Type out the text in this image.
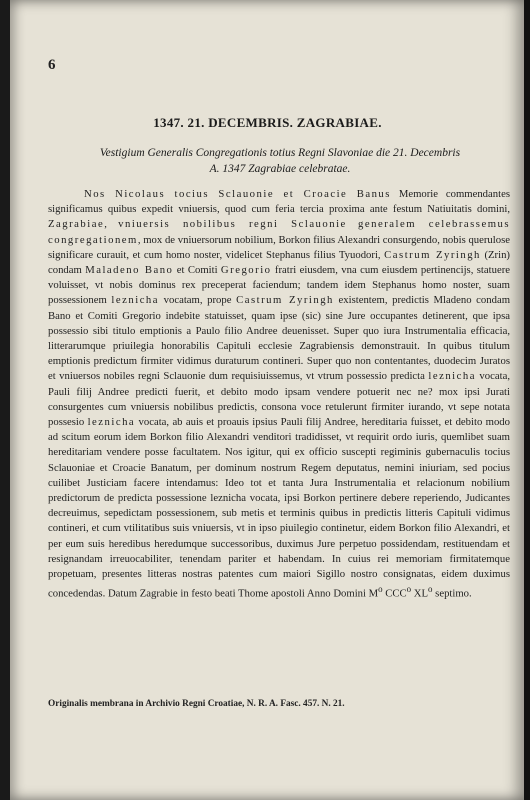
6
1347. 21. DECEMBRIS. ZAGRABIAE.
Vestigium Generalis Congregationis totius Regni Slavoniae die 21. Decembris
A. 1347 Zagrabiae celebratae.
Nos Nicolaus tocius Sclauonie et Croacie Banus Memorie commendantes significamus quibus expedit vniuersis, quod cum feria tercia proxima ante festum Natiuitatis domini, Zagrabiae, vniuersis nobilibus regni Sclauonie generalem celebrassemus congregationem, mox de vniuersorum nobilium, Borkon filius Alexandri consurgendo, nobis querulose significare curauit, et cum homo noster, videlicet Stephanus filius Tyuodori, Castrum Zyringh (Zrin) condam Maladeno Bano et Comiti Gregorio fratri eiusdem, vna cum eiusdem pertinencijs, statuere voluisset, vt nobis dominus rex preceperat faciendum; tandem idem Stephanus homo noster, suam possessionem leznicha vocatam, prope Castrum Zyringh existentem, predictis Mladeno condam Bano et Comiti Gregorio indebite statuisset, quam ipse (sic) sine Jure occupantes detinerent, que ipsa possessio sibi titulo emptionis a Paulo filio Andree deuenisset. Super quo iura Instrumentalia efficacia, litterarumque priuilegia honorabilis Capituli ecclesie Zagrabiensis demonstrauit. In quibus titulum emptionis predictum firmiter vidimus duraturum contineri. Super quo non contentantes, duodecim Juratos et vniuersos nobiles regni Sclauonie dum requisiuissemus, vt vtrum possessio predicta leznicha vocata, Pauli filij Andree predicti fuerit, et debito modo ipsam vendere potuerit nec ne? mox ipsi Jurati consurgentes cum vniuersis nobilibus predictis, consona voce retulerunt firmiter iurando, vt sepe notata possesio leznicha vocata, ab auis et proauis ipsius Pauli filij Andree, hereditaria fuisset, et debito modo ad scitum eorum idem Borkon filio Alexandri venditori tradidisset, vt requirit ordo iuris, quemlibet suam hereditariam vendere posse facultatem. Nos igitur, qui ex officio suscepti regiminis gubernaculis tocius Sclauoniae et Croacie Banatum, per dominum nostrum Regem deputatus, nemini iniuriam, sed pocius cuilibet Justiciam facere intendamus: Ideo tot et tanta Jura Instrumentalia et relacionum nobilium predictorum de predicta possessione leznicha vocata, ipsi Borkon pertinere debere reperiendo, Judicantes decreuimus, sepedictam possessionem, sub metis et terminis quibus in predictis litteris Capituli vidimus contineri, et cum vtilitatibus suis vniuersis, vt in ipso piuilegio continetur, eidem Borkon filio Alexandri, et per eum suis heredibus heredumque successoribus, duximus Jure perpetuo possidendam, restituendam et resignandam irreuocabiliter, tenendam pariter et habendam. In cuius rei memoriam firmitatemque propetuam, presentes litteras nostras patentes cum maiori Sigillo nostro consignatas, eidem duximus concedendas. Datum Zagrabie in festo beati Thome apostoli Anno Domini $M^o$ CCC$^o$ $XL^o$ septimo.
Originalis membrana in Archivio Regni Croatiae, N. R. A. Fasc. 457. N. 21.
